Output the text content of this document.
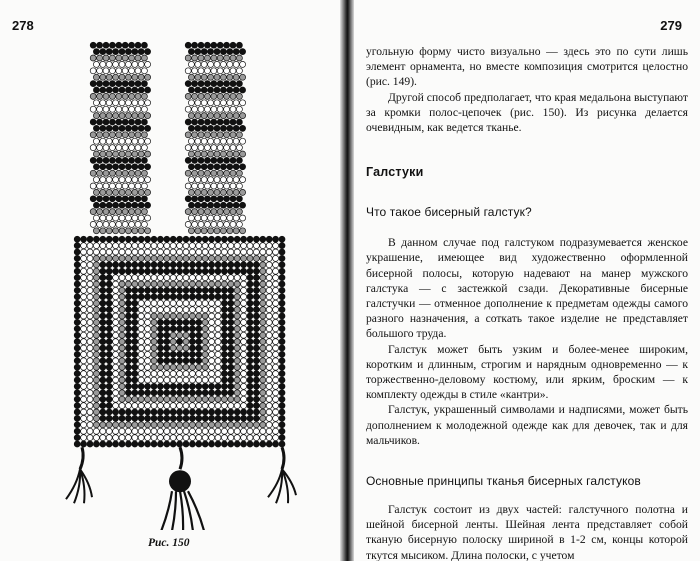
278
Рис. 150
279

угольную форму чисто визуально — здесь это по сути лишь элемент орнамента, но вместе композиция смотрится целостно (рис. 149).

Другой способ предполагает, что края медальона выступают за кромки полос-цепочек (рис. 150). Из рисунка делается очевидным, как ведется тканье.

Галстуки
Что такое бисерный галстук?

В данном случае под галстуком подразумевается женское украшение, имеющее вид художественно оформленной бисерной полосы, которую надевают на манер мужского галстука — с застежкой сзади. Декоративные бисерные галстучки — отменное дополнение к предметам одежды самого разного назначения, а соткать такое изделие не представляет большого труда.

Галстук может быть узким и более-менее широким, коротким и длинным, строгим и нарядным одновременно — к торжественно-деловому костюму, или ярким, броским — к комплекту одежды в стиле «кантри».

Галстук, украшенный символами и надписями, может быть дополнением к молодежной одежде как для девочек, так и для мальчиков.

Основные принципы тканья бисерных галстуков

Галстук состоит из двух частей: галстучного полотна и шейной бисерной ленты. Шейная лента представляет собой тканую бисерную полоску шириной в 1-2 см, концы которой ткутся мысиком. Длина полоски, с учетом
